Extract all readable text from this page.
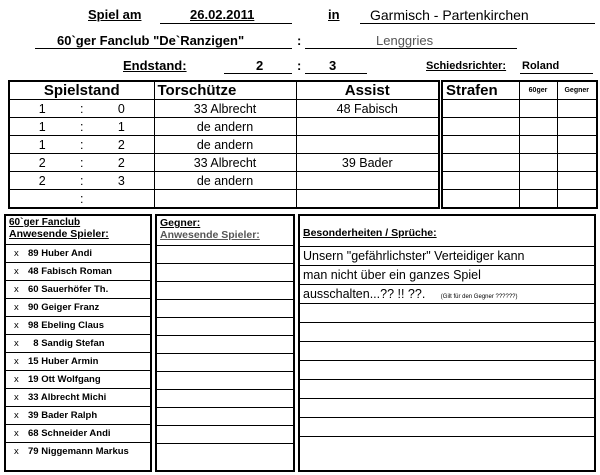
Spiel am	26.02.2011	in Garmisch - Partenkirchen
60`ger Fanclub "De`Ranzigen"	:	Lenggries
Endstand:	2	: 3	Schiedsrichter: Roland
Spielstand	Torschütze	Assist

1 : 0	33 Albrecht	48 Fabisch

1 : 1	de andern	

1 : 2	de andern	

2 : 2	33 Albrecht	39 Bader

2 : 3	de andern	

:		

Strafen	60ger	Gegner

60`ger Fanclub
Anwesende Spieler:
x 89 Huber Andi
x 48 Fabisch Roman
x 60 Sauerhöfer Th.
x 90 Geiger Franz
x 98 Ebeling Claus
x  8 Sandig Stefan
x 15 Huber Armin
x 19 Ott Wolfgang
x 33 Albrecht Michi
x 39 Bader Ralph
x 68 Schneider Andi
x 79 Niggemann Markus
Gegner:
Anwesende Spieler:	Besonderheiten / Sprüche:
Unsern "gefährlichster" Verteidiger kann
man nicht über ein ganzes Spiel
ausschalten...?? !! ??.	(Gilt für den Gegner ??????)
